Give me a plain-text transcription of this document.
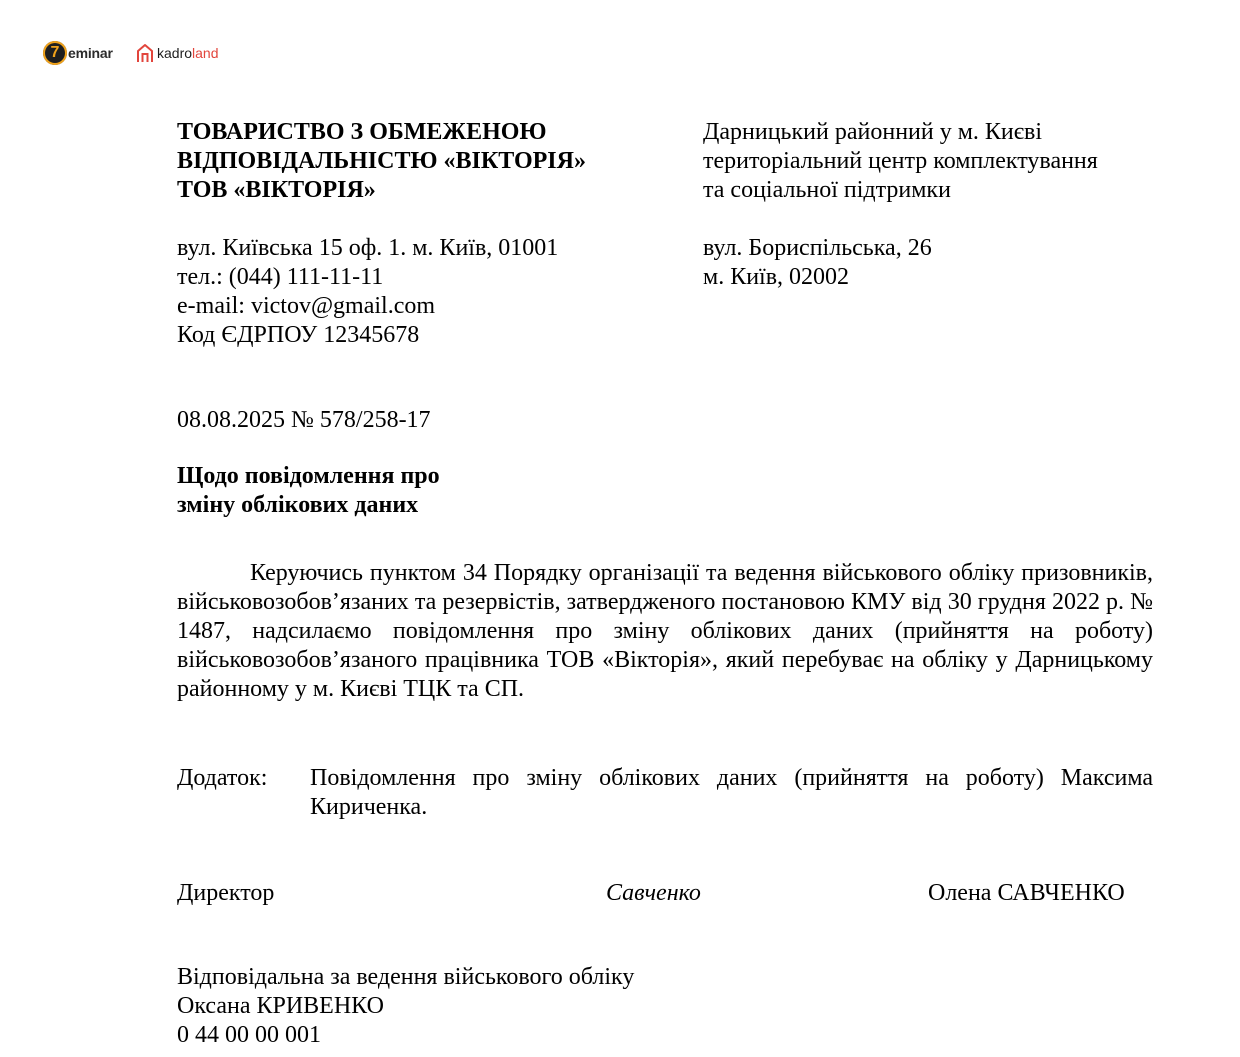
7 eminar	kadroland
ТОВАРИСТВО З ОБМЕЖЕНОЮ
ВІДПОВІДАЛЬНІСТЮ «ВІКТОРІЯ»
ТОВ «ВІКТОРІЯ»
вул. Київська 15 оф. 1. м. Київ, 01001
тел.: (044) 111-11-11
e-mail: victov@gmail.com
Код ЄДРПОУ 12345678
Дарницький районний у м. Києві
територіальний центр комплектування
та соціальної підтримки
вул. Бориспільська, 26
м. Київ, 02002
08.08.2025 № 578/258-17
Щодо повідомлення про
зміну облікових даних
Керуючись пунктом 34 Порядку організації та ведення військового обліку призовників, військовозобов’язаних та резервістів, затвердженого постановою КМУ від 30 грудня 2022 р. № 1487, надсилаємо повідомлення про зміну облікових даних (прийняття на роботу) військовозобов’язаного працівника ТОВ «Вікторія», який перебуває на обліку у Дарницькому районному у м. Києві ТЦК та СП.
Додаток: Повідомлення про зміну облікових даних (прийняття на роботу) Максима Кириченка.
Директор	Савченко	Олена САВЧЕНКО
Відповідальна за ведення військового обліку
Оксана КРИВЕНКО
0 44 00 00 001
